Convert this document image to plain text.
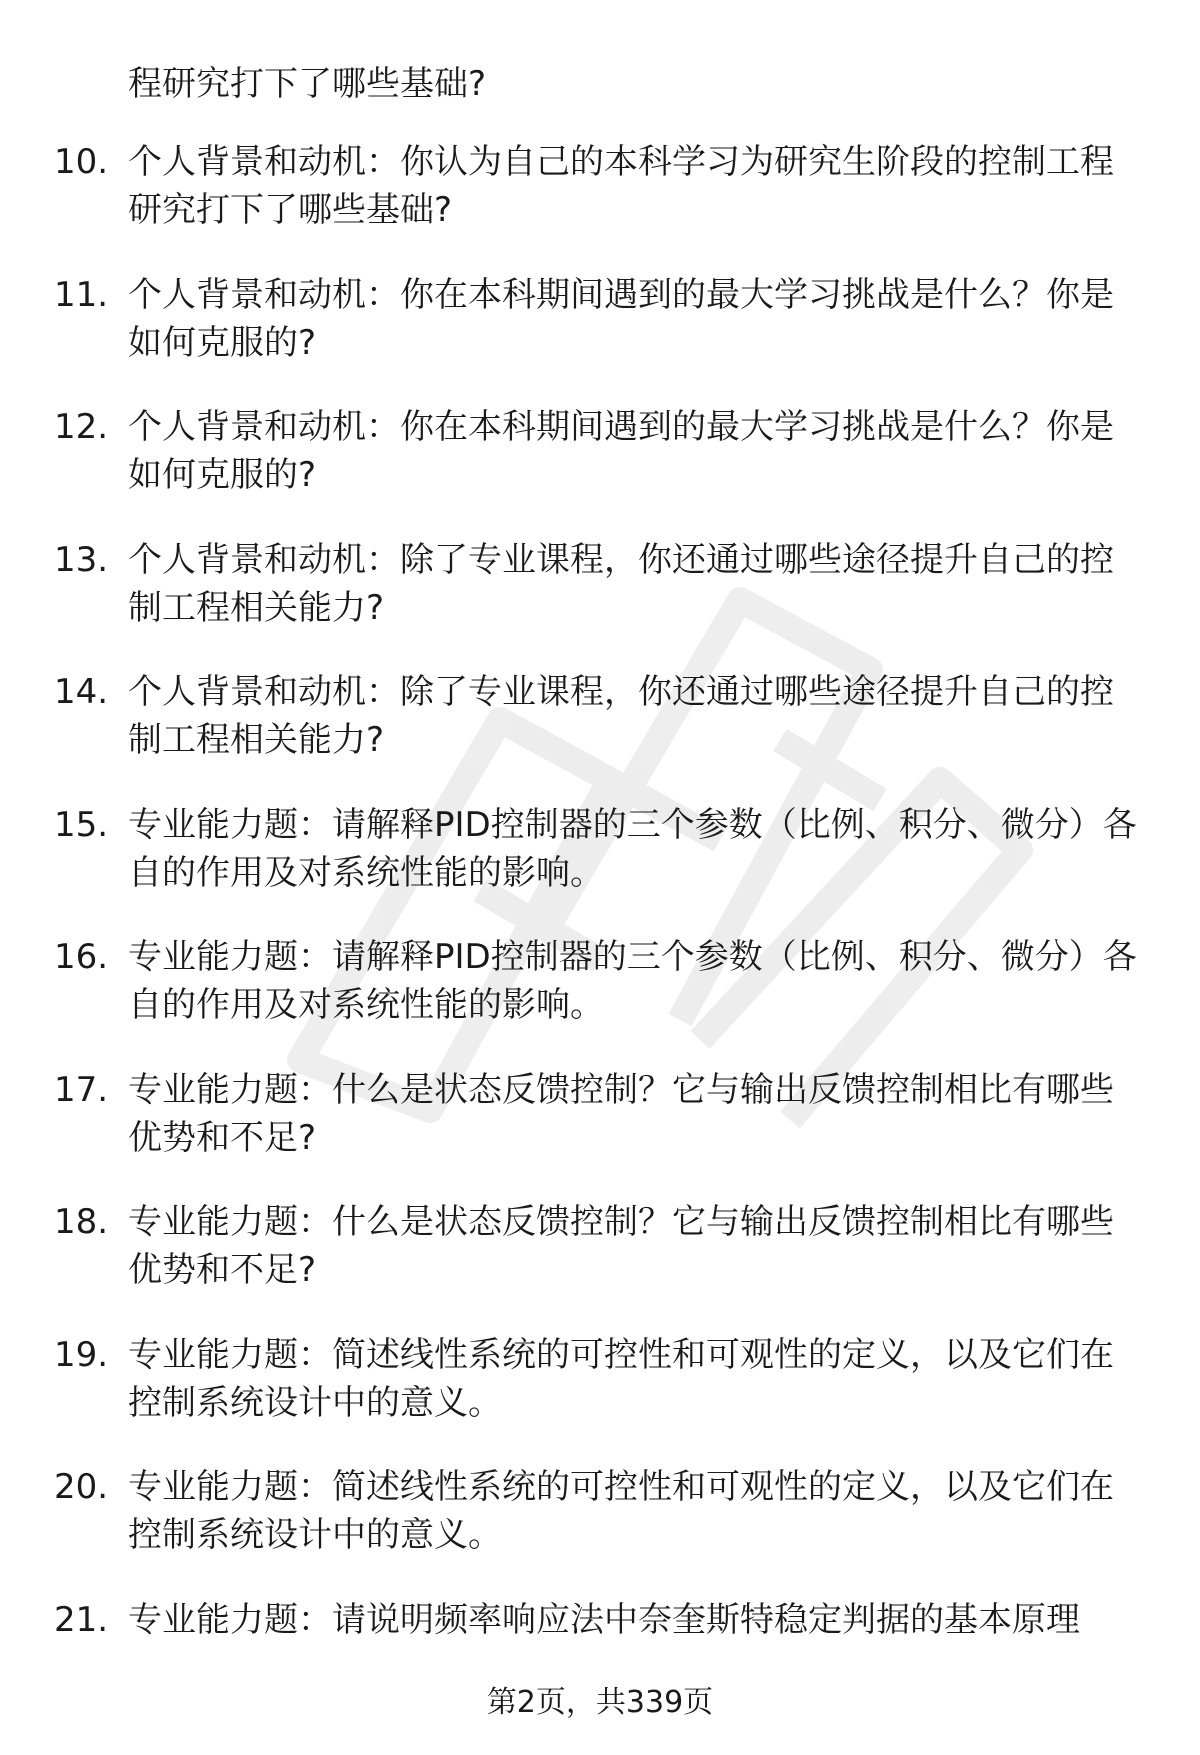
程研究打下了哪些基础?
10. 个人背景和动机：你认为自己的本科学习为研究生阶段的控制工程研究打下了哪些基础?
11. 个人背景和动机：你在本科期间遇到的最大学习挑战是什么？你是如何克服的?
12. 个人背景和动机：你在本科期间遇到的最大学习挑战是什么？你是如何克服的?
13. 个人背景和动机：除了专业课程，你还通过哪些途径提升自己的控制工程相关能力?
14. 个人背景和动机：除了专业课程，你还通过哪些途径提升自己的控制工程相关能力?
15. 专业能力题：请解释PID控制器的三个参数（比例、积分、微分）各自的作用及对系统性能的影响。
16. 专业能力题：请解释PID控制器的三个参数（比例、积分、微分）各自的作用及对系统性能的影响。
17. 专业能力题：什么是状态反馈控制？它与输出反馈控制相比有哪些优势和不足?
18. 专业能力题：什么是状态反馈控制？它与输出反馈控制相比有哪些优势和不足?
19. 专业能力题：简述线性系统的可控性和可观性的定义，以及它们在控制系统设计中的意义。
20. 专业能力题：简述线性系统的可控性和可观性的定义，以及它们在控制系统设计中的意义。
21. 专业能力题：请说明频率响应法中奈奎斯特稳定判据的基本原理
第2页，共339页
